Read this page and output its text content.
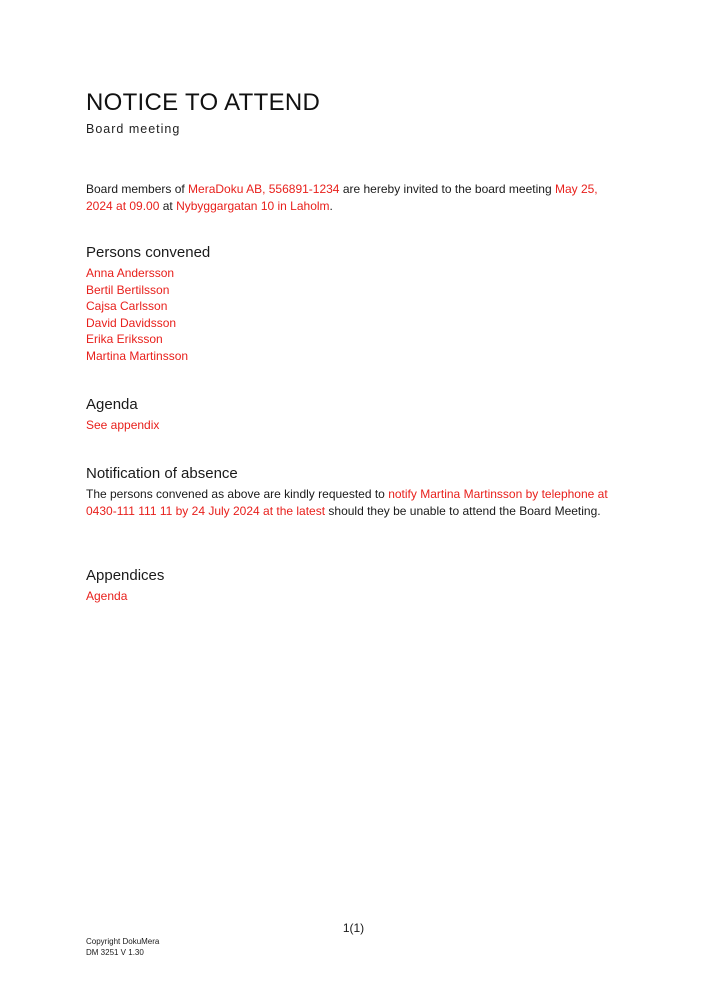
NOTICE TO ATTEND
Board meeting

Board members of MeraDoku AB, 556891-1234 are hereby invited to the board meeting May 25, 2024 at 09.00 at Nybyggargatan 10 in Laholm.

Persons convened
Anna Andersson
Bertil Bertilsson
Cajsa Carlsson
David Davidsson
Erika Eriksson
Martina Martinsson
Agenda
See appendix
Notification of absence

The persons convened as above are kindly requested to notify Martina Martinsson by telephone at 0430-111 111 11 by 24 July 2024 at the latest should they be unable to attend the Board Meeting.

Appendices
Agenda
1(1)
Copyright DokuMera
DM 3251 V 1.30
